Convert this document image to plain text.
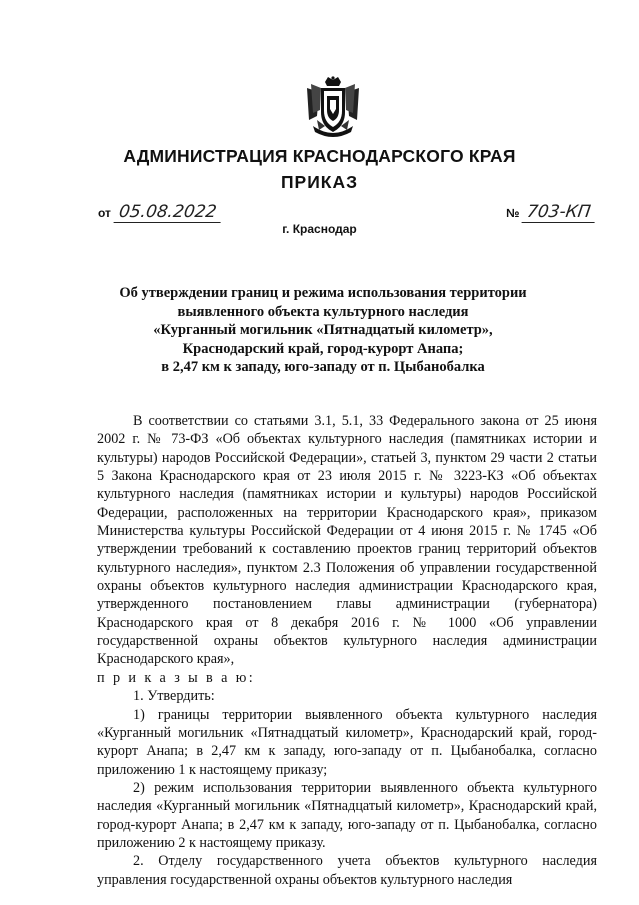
АДМИНИСТРАЦИЯ КРАСНОДАРСКОГО КРАЯ
ПРИКАЗ
от 05.08.2022
г. Краснодар
№ 703-КП
Об утверждении границ и режима использования территории
выявленного объекта культурного наследия
«Курганный могильник «Пятнадцатый километр»,
Краснодарский край, город-курорт Анапа;
в 2,47 км к западу, юго-западу от п. Цыбанобалка

В соответствии со статьями 3.1, 5.1, 33 Федерального закона от 25 июня 2002 г. № 73-ФЗ «Об объектах культурного наследия (памятниках истории и культуры) народов Российской Федерации», статьей 3, пунктом 29 части 2 статьи 5 Закона Краснодарского края от 23 июля 2015 г. № 3223-КЗ «Об объектах культурного наследия (памятниках истории и культуры) народов Российской Федерации, расположенных на территории Краснодарского края», приказом Министерства культуры Российской Федерации от 4 июня 2015 г. № 1745 «Об утверждении требований к составлению проектов границ территорий объектов культурного наследия», пунктом 2.3 Положения об управлении государственной охраны объектов культурного наследия администрации Краснодарского края, утвержденного постановлением главы администрации (губернатора) Краснодарского края от 8 декабря 2016 г. № 1000 «Об управлении государственной охраны объектов культурного наследия администрации Краснодарского края»,

п р и к а з ы в а ю:

1. Утвердить:

1) границы территории выявленного объекта культурного наследия «Курганный могильник «Пятнадцатый километр», Краснодарский край, город-курорт Анапа; в 2,47 км к западу, юго-западу от п. Цыбанобалка, согласно приложению 1 к настоящему приказу;

2) режим использования территории выявленного объекта культурного наследия «Курганный могильник «Пятнадцатый километр», Краснодарский край, город-курорт Анапа; в 2,47 км к западу, юго-западу от п. Цыбанобалка, согласно приложению 2 к настоящему приказу.

2. Отделу государственного учета объектов культурного наследия управления государственной охраны объектов культурного наследия
